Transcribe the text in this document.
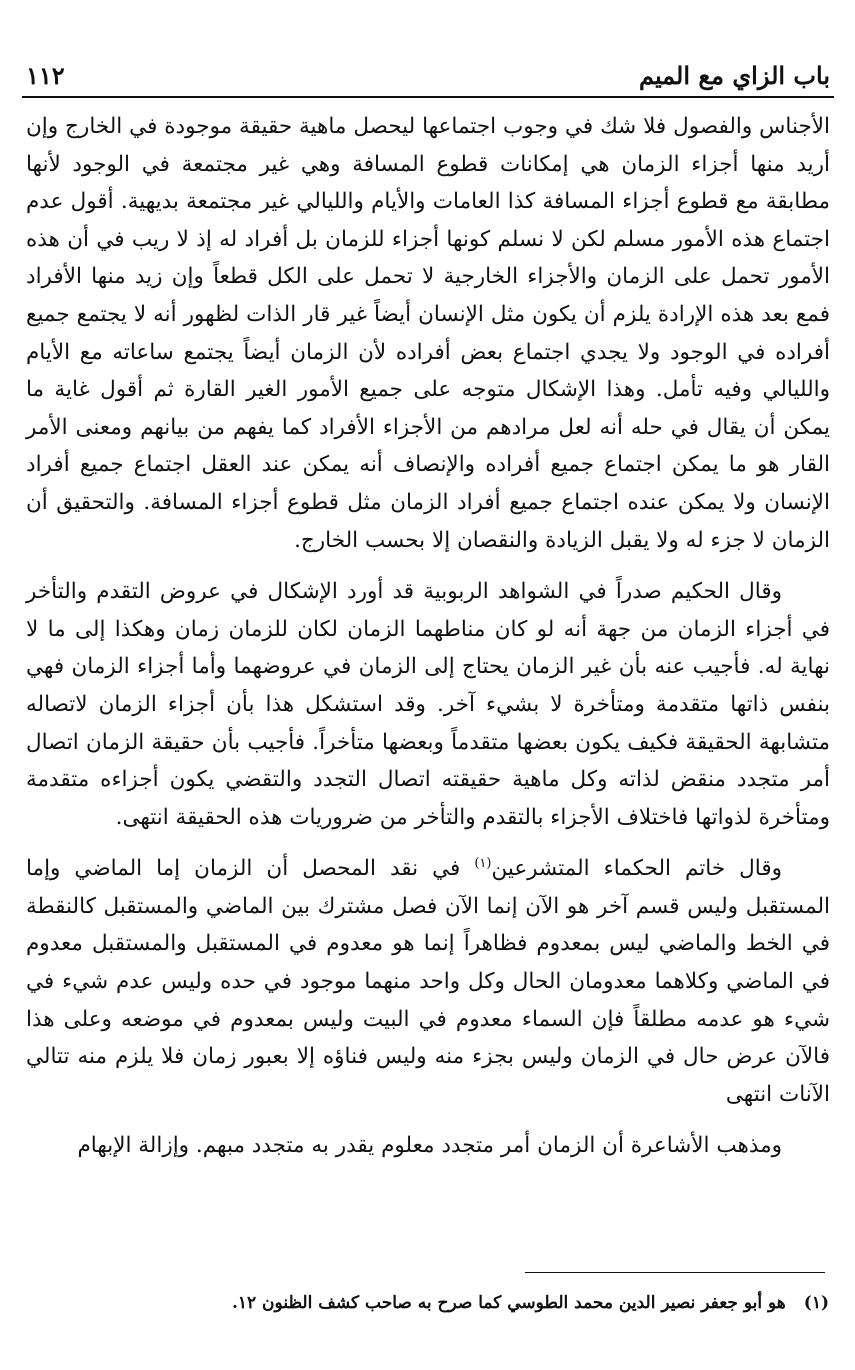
باب الزاي مع الميم
١١٢

الأجناس والفصول فلا شك في وجوب اجتماعها ليحصل ماهية حقيقة موجودة في الخارج وإن أريد منها أجزاء الزمان هي إمكانات قطوع المسافة وهي غير مجتمعة في الوجود لأنها مطابقة مع قطوع أجزاء المسافة كذا العامات والأيام والليالي غير مجتمعة بديهية. أقول عدم اجتماع هذه الأمور مسلم لكن لا نسلم كونها أجزاء للزمان بل أفراد له إذ لا ريب في أن هذه الأمور تحمل على الزمان والأجزاء الخارجية لا تحمل على الكل قطعاً وإن زيد منها الأفراد فمع بعد هذه الإرادة يلزم أن يكون مثل الإنسان أيضاً غير قار الذات لظهور أنه لا يجتمع جميع أفراده في الوجود ولا يجدي اجتماع بعض أفراده لأن الزمان أيضاً يجتمع ساعاته مع الأيام والليالي وفيه تأمل. وهذا الإشكال متوجه على جميع الأمور الغير القارة ثم أقول غاية ما يمكن أن يقال في حله أنه لعل مرادهم من الأجزاء الأفراد كما يفهم من بيانهم ومعنى الأمر القار هو ما يمكن اجتماع جميع أفراده والإنصاف أنه يمكن عند العقل اجتماع جميع أفراد الإنسان ولا يمكن عنده اجتماع جميع أفراد الزمان مثل قطوع أجزاء المسافة. والتحقيق أن الزمان لا جزء له ولا يقبل الزيادة والنقصان إلا بحسب الخارج.

وقال الحكيم صدراً في الشواهد الربوبية قد أورد الإشكال في عروض التقدم والتأخر في أجزاء الزمان من جهة أنه لو كان مناطهما الزمان لكان للزمان زمان وهكذا إلى ما لا نهاية له. فأجيب عنه بأن غير الزمان يحتاج إلى الزمان في عروضهما وأما أجزاء الزمان فهي بنفس ذاتها متقدمة ومتأخرة لا بشيء آخر. وقد استشكل هذا بأن أجزاء الزمان لاتصاله متشابهة الحقيقة فكيف يكون بعضها متقدماً وبعضها متأخراً. فأجيب بأن حقيقة الزمان اتصال أمر متجدد منقض لذاته وكل ماهية حقيقته اتصال التجدد والتقضي يكون أجزاءه متقدمة ومتأخرة لذواتها فاختلاف الأجزاء بالتقدم والتأخر من ضروريات هذه الحقيقة انتهى.

وقال خاتم الحكماء المتشرعين$^{(١)}$ في نقد المحصل أن الزمان إما الماضي وإما المستقبل وليس قسم آخر هو الآن إنما الآن فصل مشترك بين الماضي والمستقبل كالنقطة في الخط والماضي ليس بمعدوم فظاهراً إنما هو معدوم في المستقبل والمستقبل معدوم في الماضي وكلاهما معدومان الحال وكل واحد منهما موجود في حده وليس عدم شيء في شيء هو عدمه مطلقاً فإن السماء معدوم في البيت وليس بمعدوم في موضعه وعلى هذا فالآن عرض حال في الزمان وليس بجزء منه وليس فناؤه إلا بعبور زمان فلا يلزم منه تتالي الآنات انتهى

ومذهب الأشاعرة أن الزمان أمر متجدد معلوم يقدر به متجدد مبهم. وإزالة الإبهام

(١)هو أبو جعفر نصير الدين محمد الطوسي كما صرح به صاحب كشف الظنون ١٢.
